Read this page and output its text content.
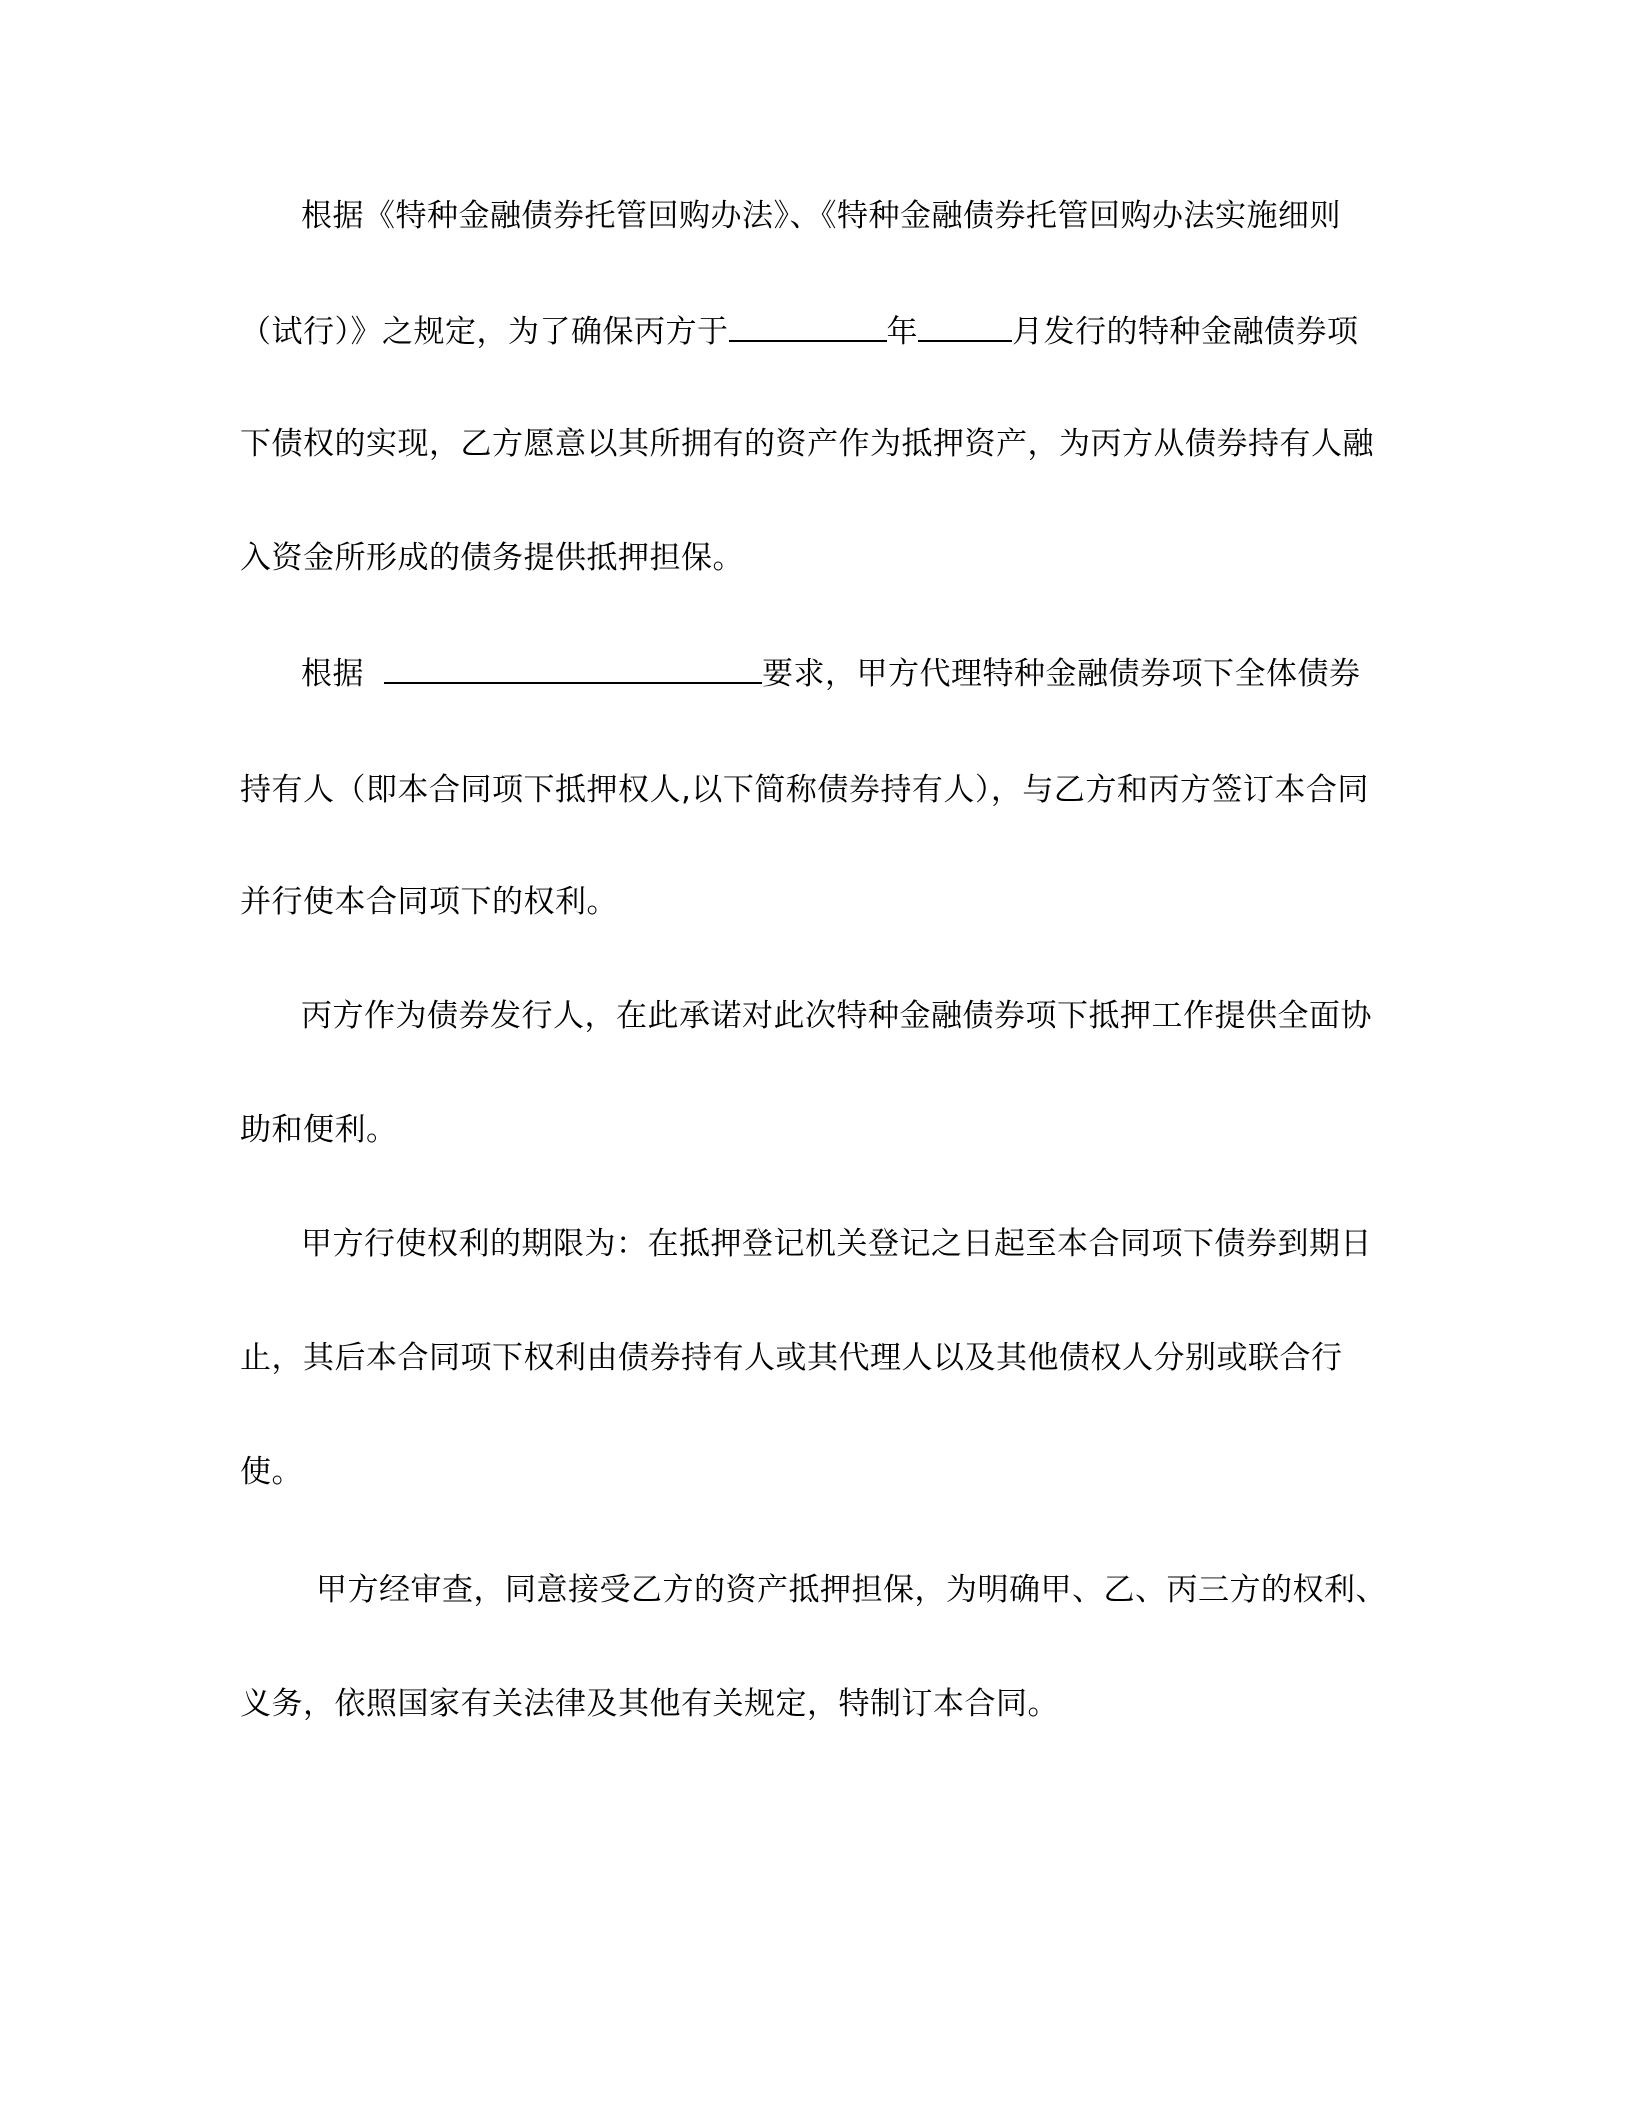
根据《特种金融债券托管回购办法》、《特种金融债券托管回购办法实施细则
（试行）》之规定，为了确保丙方于	年	月发行的特种金融债券项
下债权的实现，乙方愿意以其所拥有的资产作为抵押资产，为丙方从债券持有人融
入资金所形成的债务提供抵押担保。
根据	要求，甲方代理特种金融债券项下全体债券
持有人（即本合同项下抵押权人,以下简称债券持有人），与乙方和丙方签订本合同
并行使本合同项下的权利。
丙方作为债券发行人，在此承诺对此次特种金融债券项下抵押工作提供全面协
助和便利。
甲方行使权利的期限为：在抵押登记机关登记之日起至本合同项下债券到期日
止，其后本合同项下权利由债券持有人或其代理人以及其他债权人分别或联合行
使。
甲方经审查，同意接受乙方的资产抵押担保，为明确甲、乙、丙三方的权利、
义务，依照国家有关法律及其他有关规定，特制订本合同。
